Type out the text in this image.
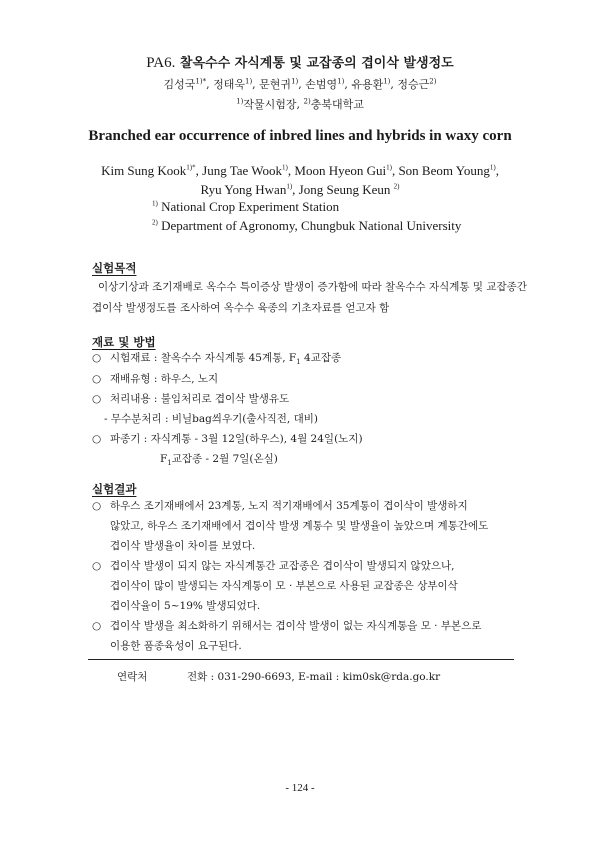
PA6. 찰옥수수 자식계통 및 교잡종의 겹이삭 발생정도
김성국$^{1)*}$, 정태욱$^{1)}$, 문현귀$^{1)}$, 손범영$^{1)}$, 유용환$^{1)}$, 정승근$^{2)}$
$^{1)}$작물시험장, $^{2)}$충북대학교
Branched ear occurrence of inbred lines and hybrids in waxy corn
Kim Sung Kook$^{1)*}$, Jung Tae Wook$^{1)}$, Moon Hyeon Gui$^{1)}$, Son Beom Young$^{1)}$,
Ryu Yong Hwan$^{1)}$, Jong Seung Keun $^{2)}$
$^{1)}$ National Crop Experiment Station
$^{2)}$ Department of Agronomy, Chungbuk National University
실험목적
이상기상과 조기재배로 옥수수 특이증상 발생이 증가함에 따라 찰옥수수 자식계통 및 교잡종간 겹이삭 발생정도를 조사하여 옥수수 육종의 기초자료를 얻고자 함
재료 및 방법
○ 시험재료 : 찰옥수수 자식계통 45계통, $F_1$ 4교잡종
○ 재배유형 : 하우스, 노지
○ 처리내용 : 불임처리로 겹이삭 발생유도
- 무수분처리 : 비닐bag씌우기(출사직전, 대비)
○ 파종기 : 자식계통 - 3월 12일(하우스), 4월 24일(노지)
$F_1$교잡종 - 2월 7일(온실)
실험결과
○ 하우스 조기재배에서 23계통, 노지 적기재배에서 35계통이 겹이삭이 발생하지
않았고, 하우스 조기재배에서 겹이삭 발생 계통수 및 발생율이 높았으며 계통간에도
겹이삭 발생율이 차이를 보였다.
○ 겹이삭 발생이 되지 않는 자식계통간 교잡종은 겹이삭이 발생되지 않았으나,
겹이삭이 많이 발생되는 자식계통이 모 · 부본으로 사용된 교잡종은 상부이삭
겹이삭율이 5~19% 발생되었다.
○ 겹이삭 발생을 최소화하기 위해서는 겹이삭 발생이 없는 자식계통을 모 · 부본으로
이용한 품종육성이 요구된다.
연락처	전화 : 031-290-6693, E-mail : kim0sk@rda.go.kr
- 124 -
